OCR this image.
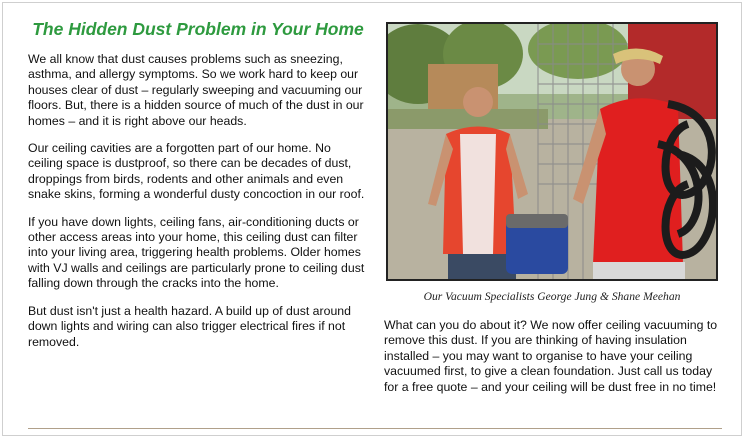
The Hidden Dust Problem in Your Home

We all know that dust causes problems such as sneezing, asthma, and allergy symptoms. So we work hard to keep our houses clear of dust – regularly sweeping and vacuuming our floors. But, there is a hidden source of much of the dust in our homes – and it is right above our heads.

Our ceiling cavities are a forgotten part of our home. No ceiling space is dustproof, so there can be decades of dust, droppings from birds, rodents and other animals and even snake skins, forming a wonderful dusty concoction in our roof.

If you have down lights, ceiling fans, air-conditioning ducts or other access areas into your home, this ceiling dust can filter into your living area, triggering health problems. Older homes with VJ walls and ceilings are particularly prone to ceiling dust falling down through the cracks into the home.

But dust isn't just a health hazard. A build up of dust around down lights and wiring can also trigger electrical fires if not removed.

Our Vacuum Specialists George Jung & Shane Meehan

What can you do about it? We now offer ceiling vacuuming to remove this dust. If you are thinking of having insulation installed – you may want to organise to have your ceiling vacuumed first, to give a clean foundation. Just call us today for a free quote – and your ceiling will be dust free in no time!
